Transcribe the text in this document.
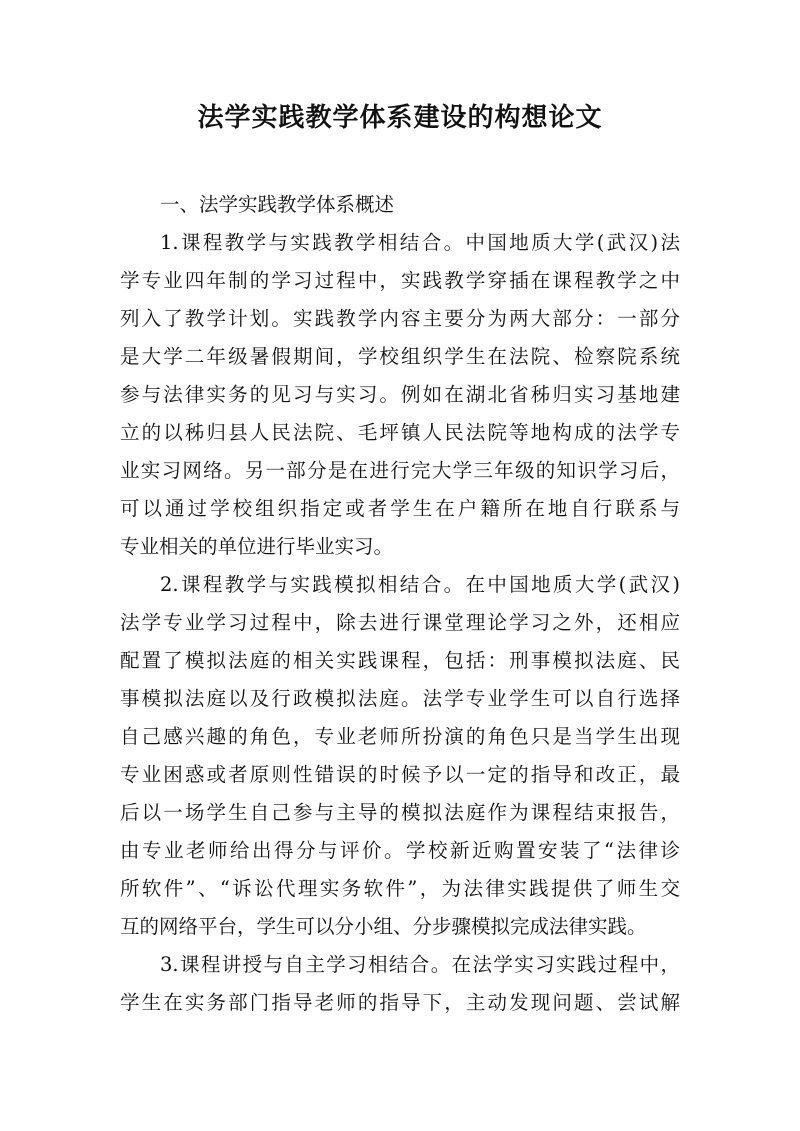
法学实践教学体系建设的构想论文
一、法学实践教学体系概述
1.课程教学与实践教学相结合。中国地质大学(武汉)法
学专业四年制的学习过程中，实践教学穿插在课程教学之中
列入了教学计划。实践教学内容主要分为两大部分：一部分
是大学二年级暑假期间，学校组织学生在法院、检察院系统
参与法律实务的见习与实习。例如在湖北省秭归实习基地建
立的以秭归县人民法院、毛坪镇人民法院等地构成的法学专
业实习网络。另一部分是在进行完大学三年级的知识学习后，
可以通过学校组织指定或者学生在户籍所在地自行联系与
专业相关的单位进行毕业实习。
2.课程教学与实践模拟相结合。在中国地质大学(武汉)
法学专业学习过程中，除去进行课堂理论学习之外，还相应
配置了模拟法庭的相关实践课程，包括：刑事模拟法庭、民
事模拟法庭以及行政模拟法庭。法学专业学生可以自行选择
自己感兴趣的角色，专业老师所扮演的角色只是当学生出现
专业困惑或者原则性错误的时候予以一定的指导和改正，最
后以一场学生自己参与主导的模拟法庭作为课程结束报告，
由专业老师给出得分与评价。学校新近购置安装了“法律诊
所软件”、“诉讼代理实务软件”，为法律实践提供了师生交
互的网络平台，学生可以分小组、分步骤模拟完成法律实践。
3.课程讲授与自主学习相结合。在法学实习实践过程中，
学生在实务部门指导老师的指导下，主动发现问题、尝试解
